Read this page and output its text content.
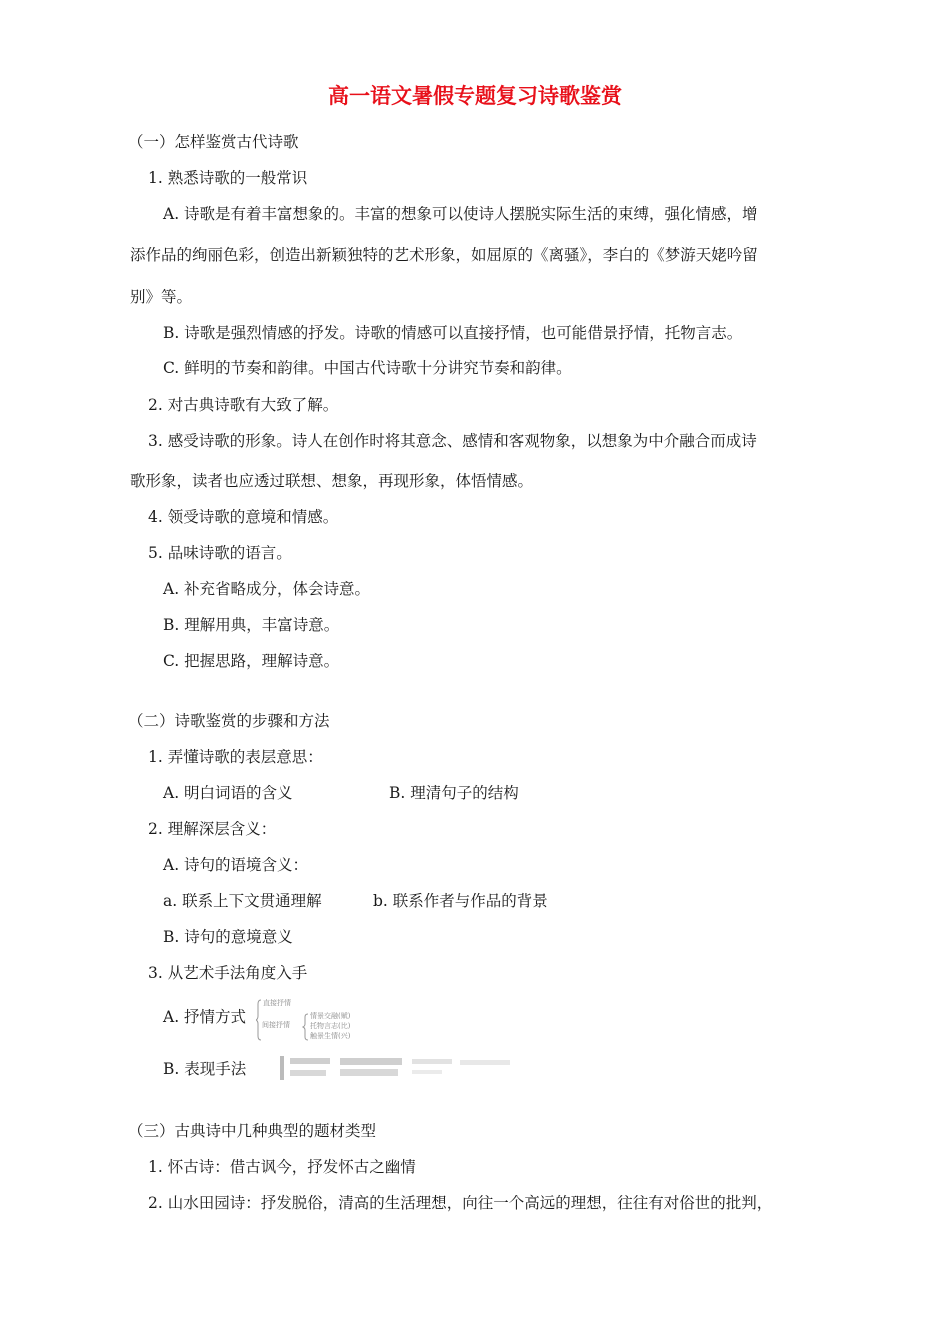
高一语文暑假专题复习诗歌鉴赏
（一）怎样鉴赏古代诗歌
1. 熟悉诗歌的一般常识
A. 诗歌是有着丰富想象的。丰富的想象可以使诗人摆脱实际生活的束缚，强化情感，增
添作品的绚丽色彩，创造出新颖独特的艺术形象，如屈原的《离骚》，李白的《梦游天姥吟留
别》等。
B. 诗歌是强烈情感的抒发。诗歌的情感可以直接抒情，也可能借景抒情，托物言志。
C. 鲜明的节奏和韵律。中国古代诗歌十分讲究节奏和韵律。
2. 对古典诗歌有大致了解。
3. 感受诗歌的形象。诗人在创作时将其意念、感情和客观物象，以想象为中介融合而成诗
歌形象，读者也应透过联想、想象，再现形象，体悟情感。
4. 领受诗歌的意境和情感。
5. 品味诗歌的语言。
A. 补充省略成分，体会诗意。
B. 理解用典，丰富诗意。
C. 把握思路，理解诗意。
（二）诗歌鉴赏的步骤和方法
1. 弄懂诗歌的表层意思：
A. 明白词语的含义	B. 理清句子的结构
2. 理解深层含义：
A. 诗句的语境含义：
a. 联系上下文贯通理解	b. 联系作者与作品的背景
B. 诗句的意境意义
3. 从艺术手法角度入手
A. 抒情方式
直接抒情
间接抒情
情景交融(赋)
托物言志(比)
触景生情(兴)
B. 表现手法
（三）古典诗中几种典型的题材类型
1. 怀古诗：借古讽今，抒发怀古之幽情
2. 山水田园诗：抒发脱俗，清高的生活理想，向往一个高远的理想，往往有对俗世的批判，
